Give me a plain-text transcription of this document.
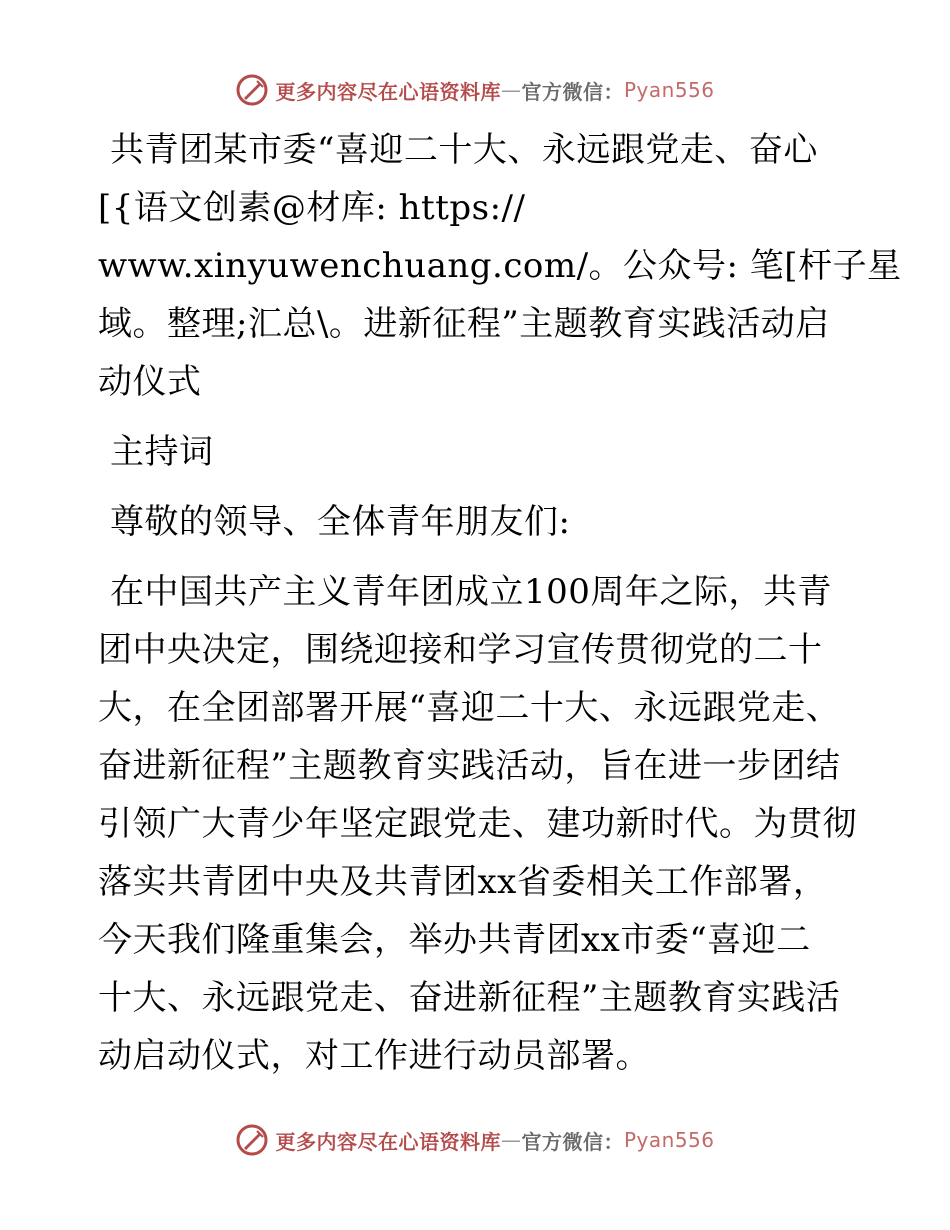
更多内容尽在心语资料库 — 官方微信： Pyan556
共青团某市委“喜迎二十大、永远跟党走、奋心
[{语文创素@材库: https://
www.xinyuwenchuang.com/。公众号: 笔[杆子星
域。整理;汇总\。进新征程”主题教育实践活动启
动仪式
主持词
尊敬的领导、全体青年朋友们:
在中国共产主义青年团成立100周年之际，共青
团中央决定，围绕迎接和学习宣传贯彻党的二十
大，在全团部署开展“喜迎二十大、永远跟党走、
奋进新征程”主题教育实践活动，旨在进一步团结
引领广大青少年坚定跟党走、建功新时代。为贯彻
落实共青团中央及共青团xx省委相关工作部署，
今天我们隆重集会，举办共青团xx市委“喜迎二
十大、永远跟党走、奋进新征程”主题教育实践活
动启动仪式，对工作进行动员部署。
更多内容尽在心语资料库 — 官方微信： Pyan556
